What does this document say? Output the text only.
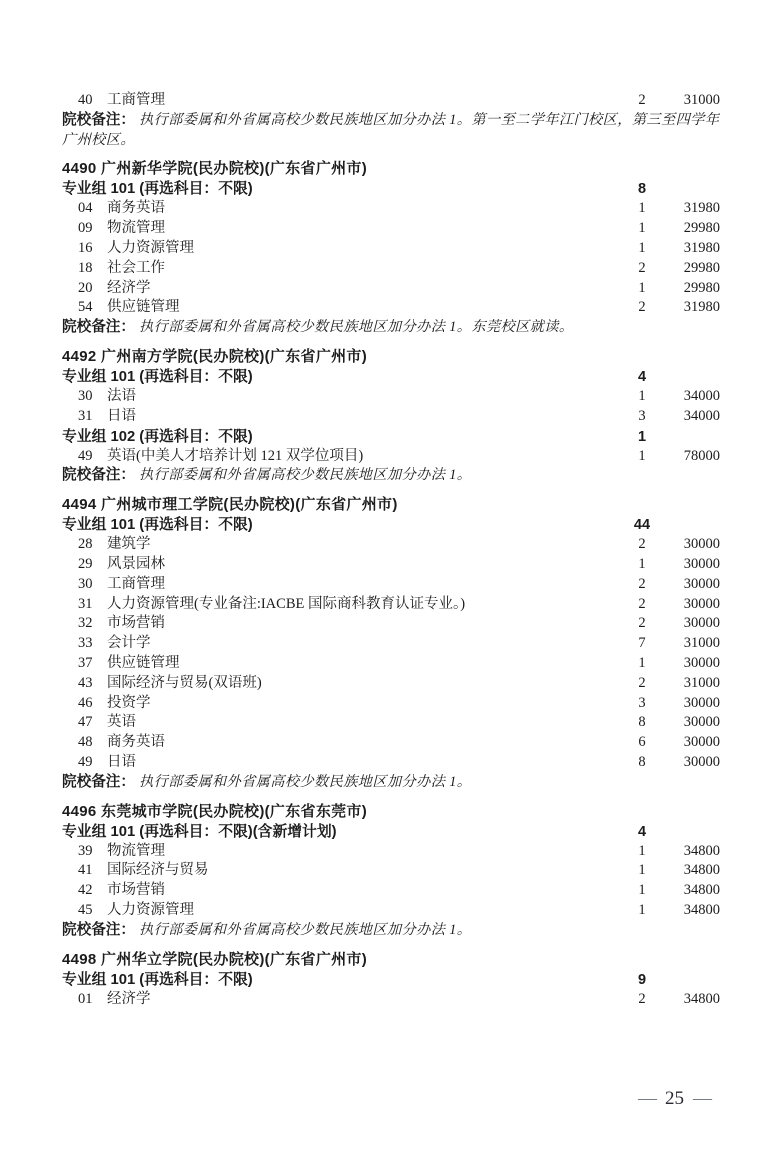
40 工商管理	2	31000

院校备注： 执行部委属和外省属高校少数民族地区加分办法 1。第一至二学年江门校区，第三至四学年广州校区。

4490 广州新华学院(民办院校)(广东省广州市)
专业组 101 (再选科目：不限)	8
04 商务英语	1	31980
09 物流管理	1	29980
16 人力资源管理	1	31980
18 社会工作	2	29980
20 经济学	1	29980
54 供应链管理	2	31980

院校备注： 执行部委属和外省属高校少数民族地区加分办法 1。东莞校区就读。

4492 广州南方学院(民办院校)(广东省广州市)
专业组 101 (再选科目：不限)	4
30 法语	1	34000
31 日语	3	34000
专业组 102 (再选科目：不限)	1
49 英语(中美人才培养计划 121 双学位项目)	1	78000

院校备注： 执行部委属和外省属高校少数民族地区加分办法 1。

4494 广州城市理工学院(民办院校)(广东省广州市)
专业组 101 (再选科目：不限)	44
28 建筑学	2	30000
29 风景园林	1	30000
30 工商管理	2	30000
31 人力资源管理(专业备注:IACBE 国际商科教育认证专业。)	2	30000
32 市场营销	2	30000
33 会计学	7	31000
37 供应链管理	1	30000
43 国际经济与贸易(双语班)	2	31000
46 投资学	3	30000
47 英语	8	30000
48 商务英语	6	30000
49 日语	8	30000

院校备注： 执行部委属和外省属高校少数民族地区加分办法 1。

4496 东莞城市学院(民办院校)(广东省东莞市)
专业组 101 (再选科目：不限)(含新增计划)	4
39 物流管理	1	34800
41 国际经济与贸易	1	34800
42 市场营销	1	34800
45 人力资源管理	1	34800

院校备注： 执行部委属和外省属高校少数民族地区加分办法 1。

4498 广州华立学院(民办院校)(广东省广州市)
专业组 101 (再选科目：不限)	9
01 经济学	2	34800
— 25 —
